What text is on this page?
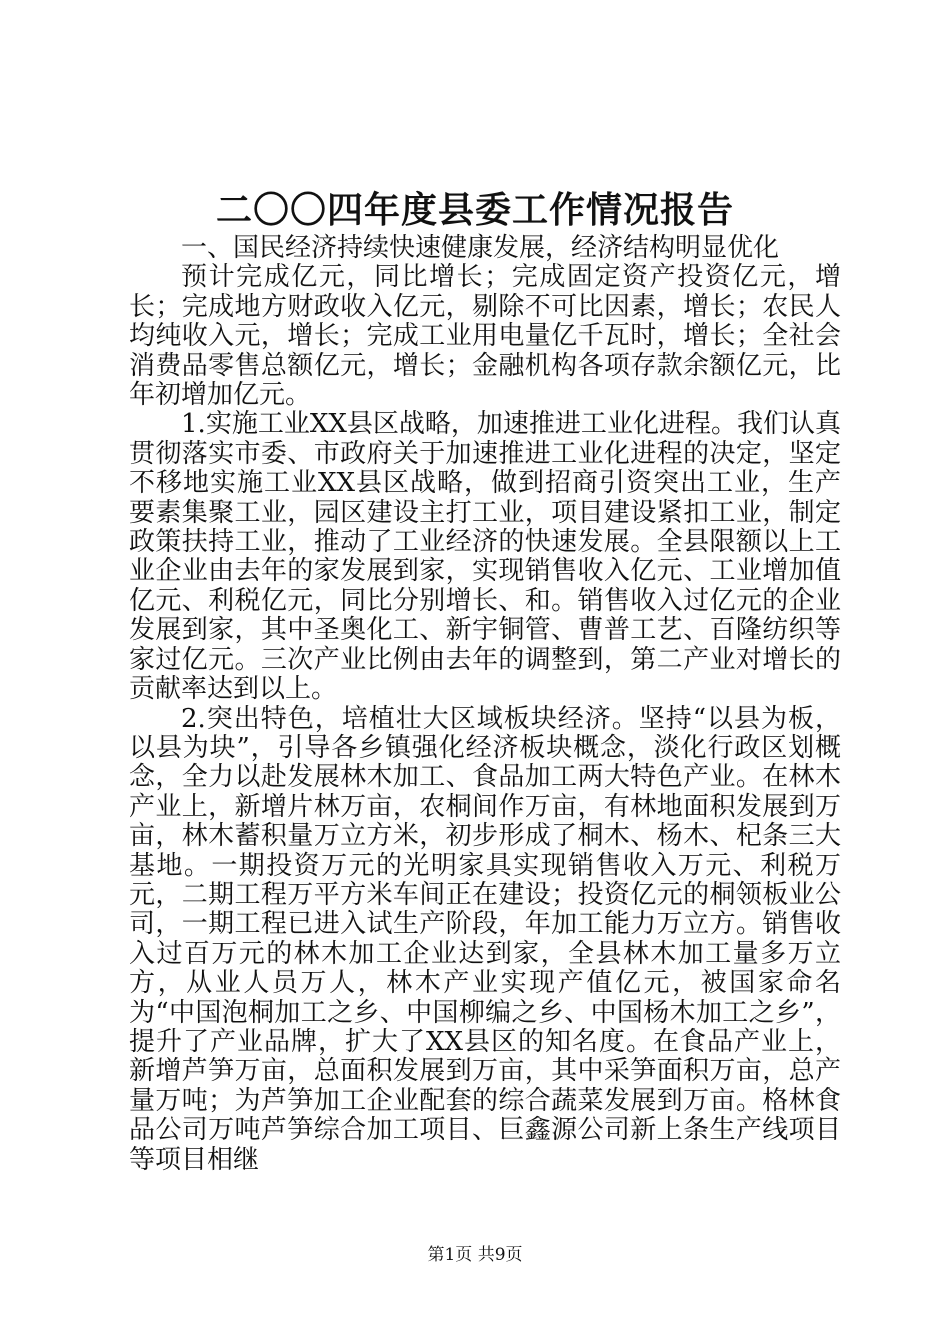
二〇〇四年度县委工作情况报告

一、国民经济持续快速健康发展，经济结构明显优化

预计完成亿元，同比增长；完成固定资产投资亿元，增长；完成地方财政收入亿元，剔除不可比因素，增长；农民人均纯收入元，增长；完成工业用电量亿千瓦时，增长；全社会消费品零售总额亿元，增长；金融机构各项存款余额亿元，比年初增加亿元。

1.实施工业XX县区战略，加速推进工业化进程。我们认真贯彻落实市委、市政府关于加速推进工业化进程的决定，坚定不移地实施工业XX县区战略，做到招商引资突出工业，生产要素集聚工业，园区建设主打工业，项目建设紧扣工业，制定政策扶持工业，推动了工业经济的快速发展。全县限额以上工业企业由去年的家发展到家，实现销售收入亿元、工业增加值亿元、利税亿元，同比分别增长、和。销售收入过亿元的企业发展到家，其中圣奥化工、新宇铜管、曹普工艺、百隆纺织等家过亿元。三次产业比例由去年的调整到，第二产业对增长的贡献率达到以上。

2.突出特色，培植壮大区域板块经济。坚持“以县为板，以县为块”，引导各乡镇强化经济板块概念，淡化行政区划概念，全力以赴发展林木加工、食品加工两大特色产业。在林木产业上，新增片林万亩，农桐间作万亩，有林地面积发展到万亩，林木蓄积量万立方米，初步形成了桐木、杨木、杞条三大基地。一期投资万元的光明家具实现销售收入万元、利税万元，二期工程万平方米车间正在建设；投资亿元的桐领板业公司，一期工程已进入试生产阶段，年加工能力万立方。销售收入过百万元的林木加工企业达到家，全县林木加工量多万立方，从业人员万人，林木产业实现产值亿元，被国家命名为“中国泡桐加工之乡、中国柳编之乡、中国杨木加工之乡”，提升了产业品牌，扩大了XX县区的知名度。在食品产业上，新增芦笋万亩，总面积发展到万亩，其中采笋面积万亩，总产量万吨；为芦笋加工企业配套的综合蔬菜发展到万亩。格林食品公司万吨芦笋综合加工项目、巨鑫源公司新上条生产线项目等项目相继

第1页 共9页
